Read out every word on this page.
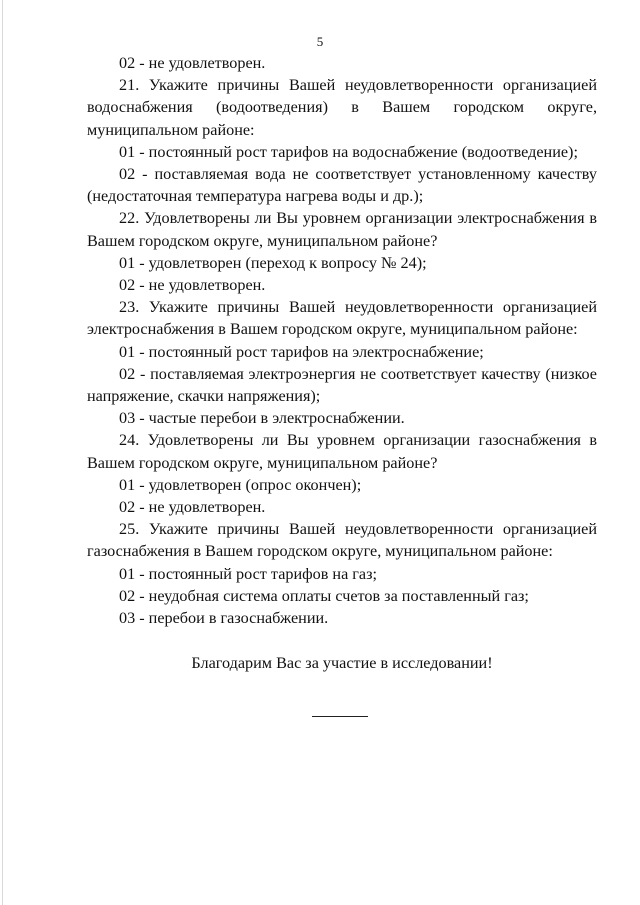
5

02 - не удовлетворен.

21. Укажите причины Вашей неудовлетворенности организацией водоснабжения (водоотведения) в Вашем городском округе, муниципальном районе:

01 - постоянный рост тарифов на водоснабжение (водоотведение);

02 - поставляемая вода не соответствует установленному качеству (недостаточная температура нагрева воды и др.);

22. Удовлетворены ли Вы уровнем организации электроснабжения в Вашем городском округе, муниципальном районе?

01 - удовлетворен (переход к вопросу № 24);

02 - не удовлетворен.

23. Укажите причины Вашей неудовлетворенности организацией электроснабжения в Вашем городском округе, муниципальном районе:

01 - постоянный рост тарифов на электроснабжение;

02 - поставляемая электроэнергия не соответствует качеству (низкое напряжение, скачки напряжения);

03 - частые перебои в электроснабжении.

24. Удовлетворены ли Вы уровнем организации газоснабжения в Вашем городском округе, муниципальном районе?

01 - удовлетворен (опрос окончен);

02 - не удовлетворен.

25. Укажите причины Вашей неудовлетворенности организацией газоснабжения в Вашем городском округе, муниципальном районе:

01 - постоянный рост тарифов на газ;

02 - неудобная система оплаты счетов за поставленный газ;

03 - перебои в газоснабжении.

Благодарим Вас за участие в исследовании!
